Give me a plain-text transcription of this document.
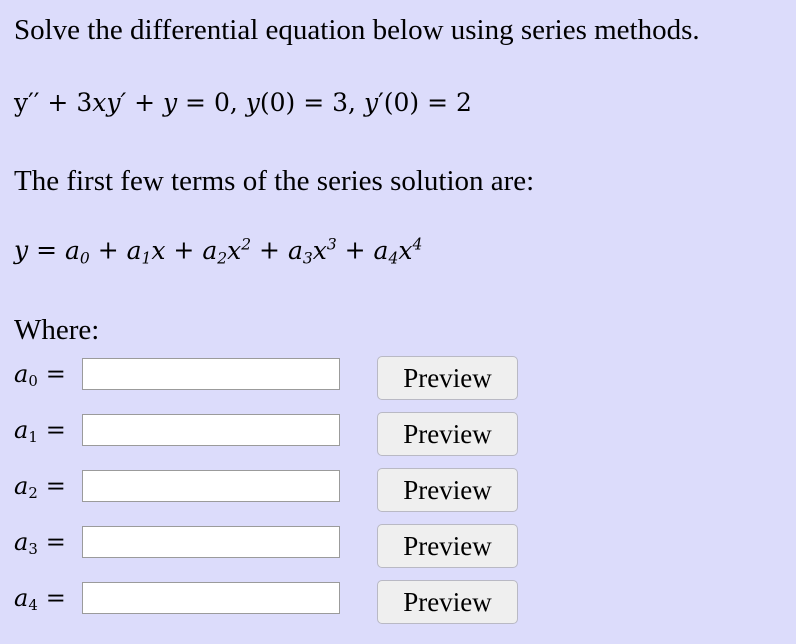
Solve the differential equation below using series methods.
y′′ + 3xy′ + y = 0, y(0) = 3, y′(0) = 2
The first few terms of the series solution are:
$y = a_0 + a_1x + a_2x^2 + a_3x^3 + a_4x^4$
Where:
$a_0$ =	Preview
$a_1$ =	Preview
$a_2$ =	Preview
$a_3$ =	Preview
$a_4$ =	Preview
